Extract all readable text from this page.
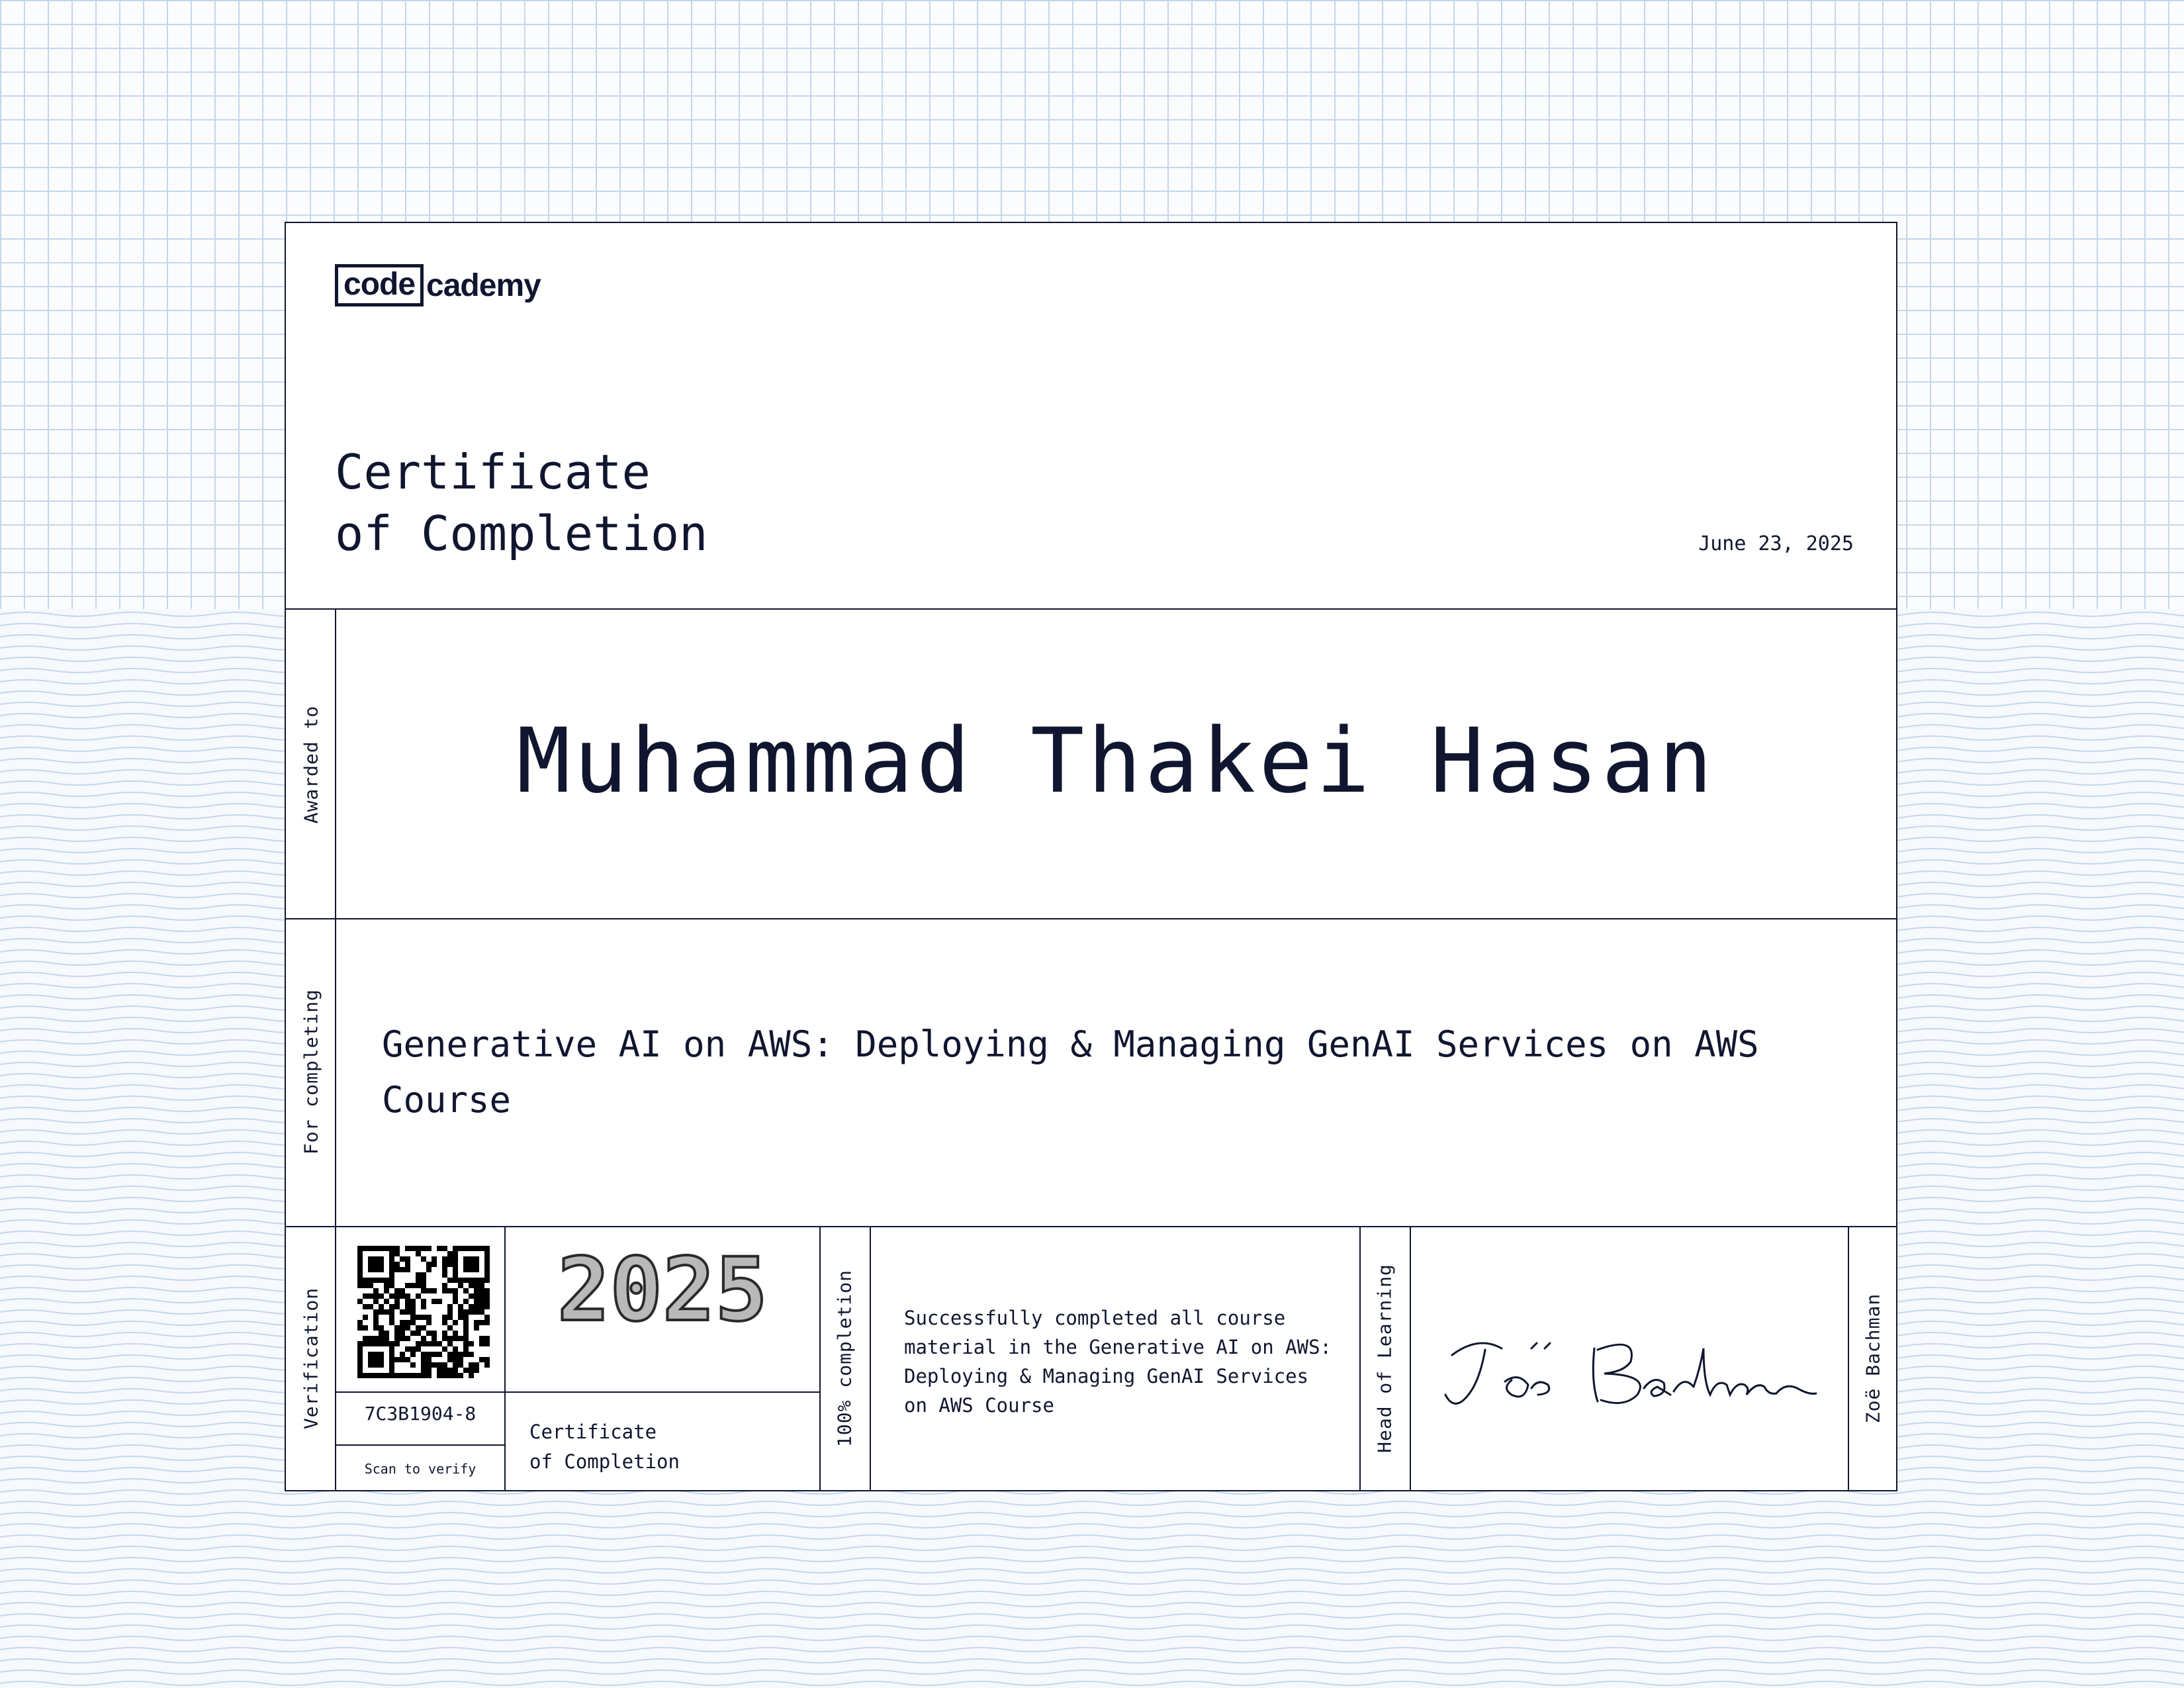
code cademy
Certificate
of Completion	June 23, 2025
Awarded to	Muhammad Thakei Hasan
For completing Generative AI on AWS: Deploying & Managing GenAI Services on AWS Course
Verification	7C3B1904-8
Scan to verify
2025
Certificate
of Completion
100% completion	Successfully completed all course material in the Generative AI on AWS: Deploying & Managing GenAI Services on AWS Course	Head of Learning	Zoë Bachman
